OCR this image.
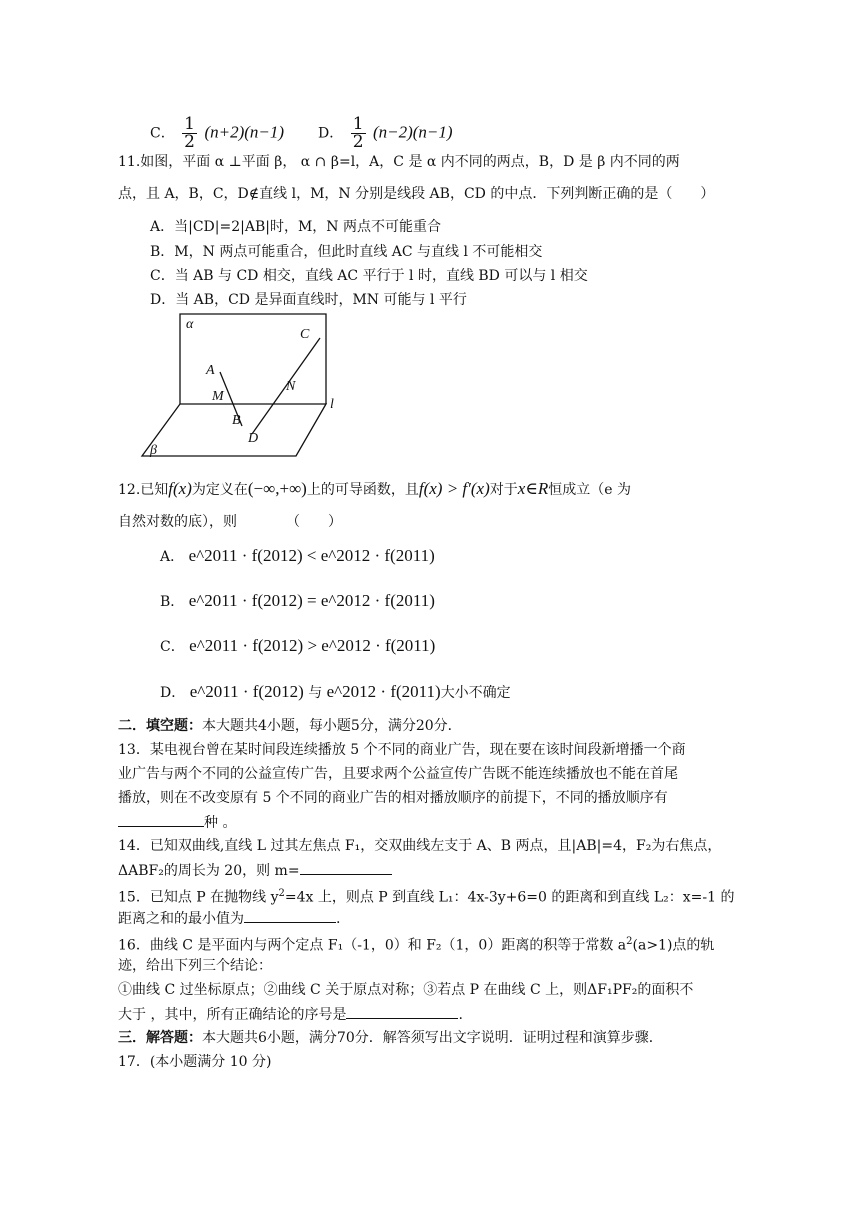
C． $\frac{1}{2} (n+2)(n-1)$ D． $\frac{1}{2} (n-2)(n-1)$
11.如图，平面 α ⊥平面 β， α ∩ β=l，A，C 是 α 内不同的两点，B，D 是 β 内不同的两
点，且 A，B，C，D∉直线 l，M，N 分别是线段 AB，CD 的中点．下列判断正确的是（　　）
A．当|CD|=2|AB|时，M，N 两点不可能重合
B．M，N 两点可能重合，但此时直线 AC 与直线 l 不可能相交
C．当 AB 与 CD 相交，直线 AC 平行于 l 时，直线 BD 可以与 l 相交
D．当 AB，CD 是异面直线时，MN 可能与 l 平行
α
β
A
B
C
D
M
N
l
12.已知f(x)为定义在(−∞,+∞)上的可导函数，且f(x) > f′(x)对于x∈R恒成立（e 为
自然对数的底），则　　　　（　　）
A． e^2011 · f(2012) < e^2012 · f(2011)
B． e^2011 · f(2012) = e^2012 · f(2011)
C． e^2011 · f(2012) > e^2012 · f(2011)
D． e^2011 · f(2012) 与 e^2012 · f(2011)大小不确定
二．填空题：本大题共4小题，每小题5分，满分20分．
13．某电视台曾在某时间段连续播放 5 个不同的商业广告，现在要在该时间段新增播一个商
业广告与两个不同的公益宣传广告，且要求两个公益宣传广告既不能连续播放也不能在首尾
播放，则在不改变原有 5 个不同的商业广告的相对播放顺序的前提下，不同的播放顺序有
种 。
14．已知双曲线,直线 L 过其左焦点 F₁，交双曲线左支于 A、B 两点，且|AB|=4，F₂为右焦点，
ΔABF₂的周长为 20，则 m=
15．已知点 P 在抛物线 $y^2=4x$ 上，则点 P 到直线 L₁：4x-3y+6=0 的距离和到直线 L₂：x=-1 的
距离之和的最小值为	.
16．曲线 C 是平面内与两个定点 F₁（-1，0）和 F₂（1，0）距离的积等于常数 $a^2(a>1)$点的轨
迹，给出下列三个结论：
①曲线 C 过坐标原点；②曲线 C 关于原点对称；③若点 P 在曲线 C 上，则ΔF₁PF₂的面积不
大于 ，其中，所有正确结论的序号是	.
三．解答题：本大题共6小题，满分70分．解答须写出文字说明．证明过程和演算步骤．
17．(本小题满分 10 分)
